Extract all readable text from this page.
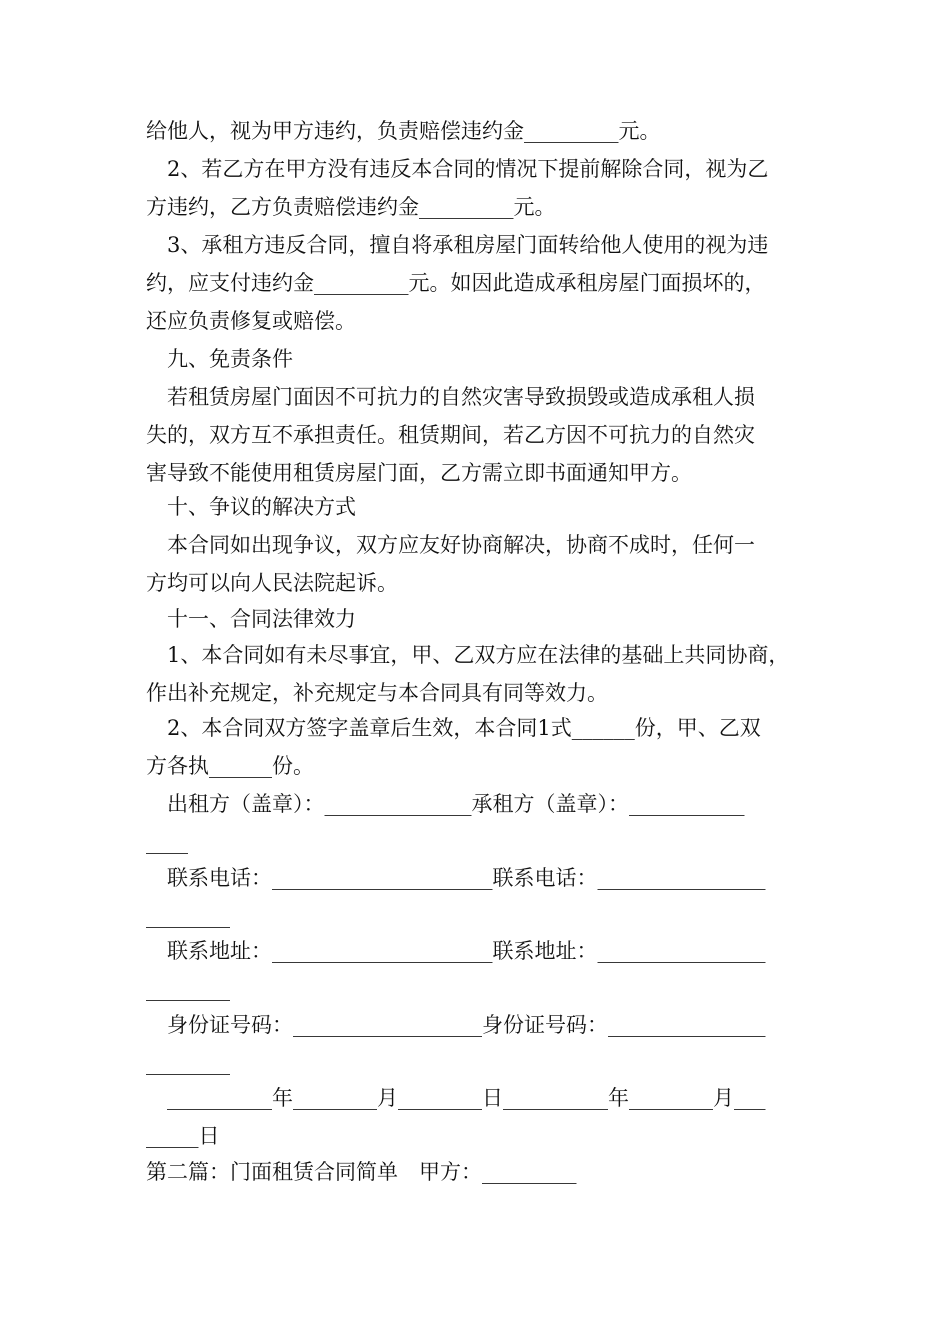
给他人，视为甲方违约，负责赔偿违约金_________元。
2、若乙方在甲方没有违反本合同的情况下提前解除合同，视为乙
方违约，乙方负责赔偿违约金_________元。
3、承租方违反合同，擅自将承租房屋门面转给他人使用的视为违
约，应支付违约金_________元。如因此造成承租房屋门面损坏的，
还应负责修复或赔偿。
九、免责条件
若租赁房屋门面因不可抗力的自然灾害导致损毁或造成承租人损
失的，双方互不承担责任。租赁期间，若乙方因不可抗力的自然灾
害导致不能使用租赁房屋门面，乙方需立即书面通知甲方。
十、争议的解决方式
本合同如出现争议，双方应友好协商解决，协商不成时，任何一
方均可以向人民法院起诉。
十一、合同法律效力
1、本合同如有未尽事宜，甲、乙双方应在法律的基础上共同协商，
作出补充规定，补充规定与本合同具有同等效力。
2、本合同双方签字盖章后生效，本合同1式______份，甲、乙双
方各执______份。
出租方（盖章）：______________承租方（盖章）：___________
____
联系电话：_____________________联系电话：________________
________
联系地址：_____________________联系地址：________________
________
身份证号码：__________________身份证号码：_______________
________
__________年________月________日__________年________月___
_____日
第二篇：门面租赁合同简单　甲方：_________
